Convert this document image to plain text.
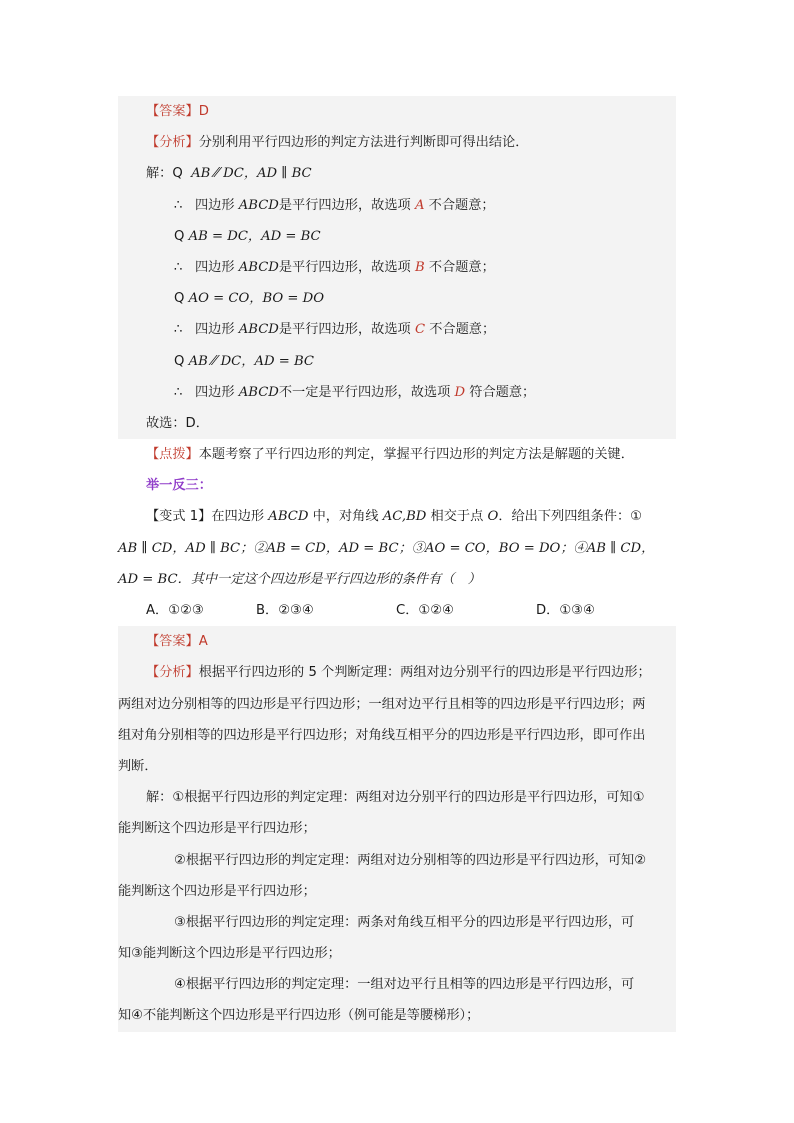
【答案】D
【分析】分别利用平行四边形的判定方法进行判断即可得出结论．
解：Q AB ⁄⁄ DC，AD ∥ BC
∴ 四边形 ABCD是平行四边形，故选项 A 不合题意；
Q AB = DC，AD = BC
∴ 四边形 ABCD是平行四边形，故选项 B 不合题意；
Q AO = CO，BO = DO
∴ 四边形 ABCD是平行四边形，故选项 C 不合题意；
Q AB ⁄⁄ DC，AD = BC
∴ 四边形 ABCD不一定是平行四边形，故选项 D 符合题意；
故选：D．
【点拨】本题考察了平行四边形的判定，掌握平行四边形的判定方法是解题的关键．
举一反三：
【变式 1】在四边形 ABCD 中，对角线 AC,BD 相交于点 O．给出下列四组条件：①
AB ∥ CD，AD ∥ BC；②AB = CD，AD = BC；③AO = CO，BO = DO；④AB ∥ CD，
AD = BC．其中一定这个四边形是平行四边形的条件有（　）
A．①②③	B．②③④	C．①②④	D．①③④
【答案】A
【分析】根据平行四边形的 5 个判断定理：两组对边分别平行的四边形是平行四边形；
两组对边分别相等的四边形是平行四边形；一组对边平行且相等的四边形是平行四边形；两
组对角分别相等的四边形是平行四边形；对角线互相平分的四边形是平行四边形，即可作出
判断．
解：①根据平行四边形的判定定理：两组对边分别平行的四边形是平行四边形，可知①
能判断这个四边形是平行四边形；
②根据平行四边形的判定定理：两组对边分别相等的四边形是平行四边形，可知②
能判断这个四边形是平行四边形；
③根据平行四边形的判定定理：两条对角线互相平分的四边形是平行四边形，可
知③能判断这个四边形是平行四边形；
④根据平行四边形的判定定理：一组对边平行且相等的四边形是平行四边形，可
知④不能判断这个四边形是平行四边形（例可能是等腰梯形）；
